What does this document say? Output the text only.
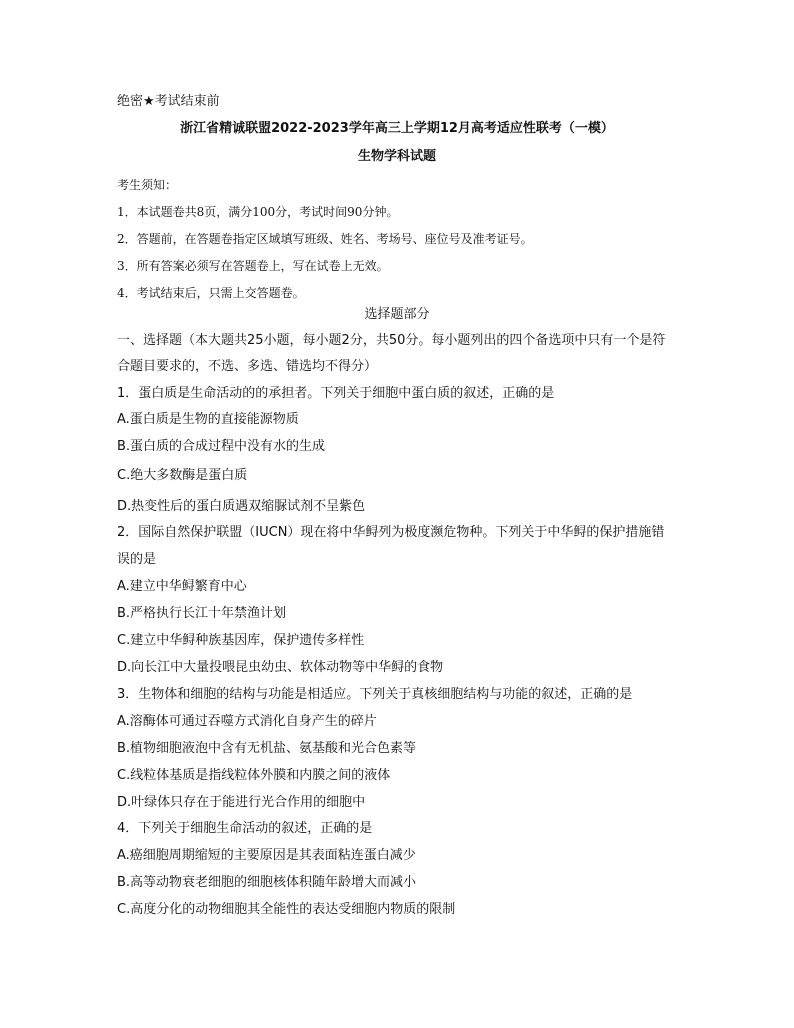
绝密★考试结束前
浙江省精诚联盟2022-2023学年高三上学期12月高考适应性联考（一模）
生物学科试题
考生须知：
1．本试题卷共8页，满分100分，考试时间90分钟。
2．答题前，在答题卷指定区域填写班级、姓名、考场号、座位号及准考证号。
3．所有答案必须写在答题卷上，写在试卷上无效。
4．考试结束后，只需上交答题卷。
选择题部分
一、选择题（本大题共25小题，每小题2分，共50分。每小题列出的四个备选项中只有一个是符
合题目要求的，不选、多选、错选均不得分）
1．蛋白质是生命活动的的承担者。下列关于细胞中蛋白质的叙述，正确的是
A.蛋白质是生物的直接能源物质
B.蛋白质的合成过程中没有水的生成
C.绝大多数酶是蛋白质
D.热变性后的蛋白质遇双缩脲试剂不呈紫色
2．国际自然保护联盟（IUCN）现在将中华鲟列为极度濒危物种。下列关于中华鲟的保护措施错
误的是
A.建立中华鲟繁育中心
B.严格执行长江十年禁渔计划
C.建立中华鲟种族基因库，保护遗传多样性
D.向长江中大量投喂昆虫幼虫、软体动物等中华鲟的食物
3．生物体和细胞的结构与功能是相适应。下列关于真核细胞结构与功能的叙述，正确的是
A.溶酶体可通过吞噬方式消化自身产生的碎片
B.植物细胞液泡中含有无机盐、氨基酸和光合色素等
C.线粒体基质是指线粒体外膜和内膜之间的液体
D.叶绿体只存在于能进行光合作用的细胞中
4．下列关于细胞生命活动的叙述，正确的是
A.癌细胞周期缩短的主要原因是其表面粘连蛋白减少
B.高等动物衰老细胞的细胞核体积随年龄增大而减小
C.高度分化的动物细胞其全能性的表达受细胞内物质的限制
